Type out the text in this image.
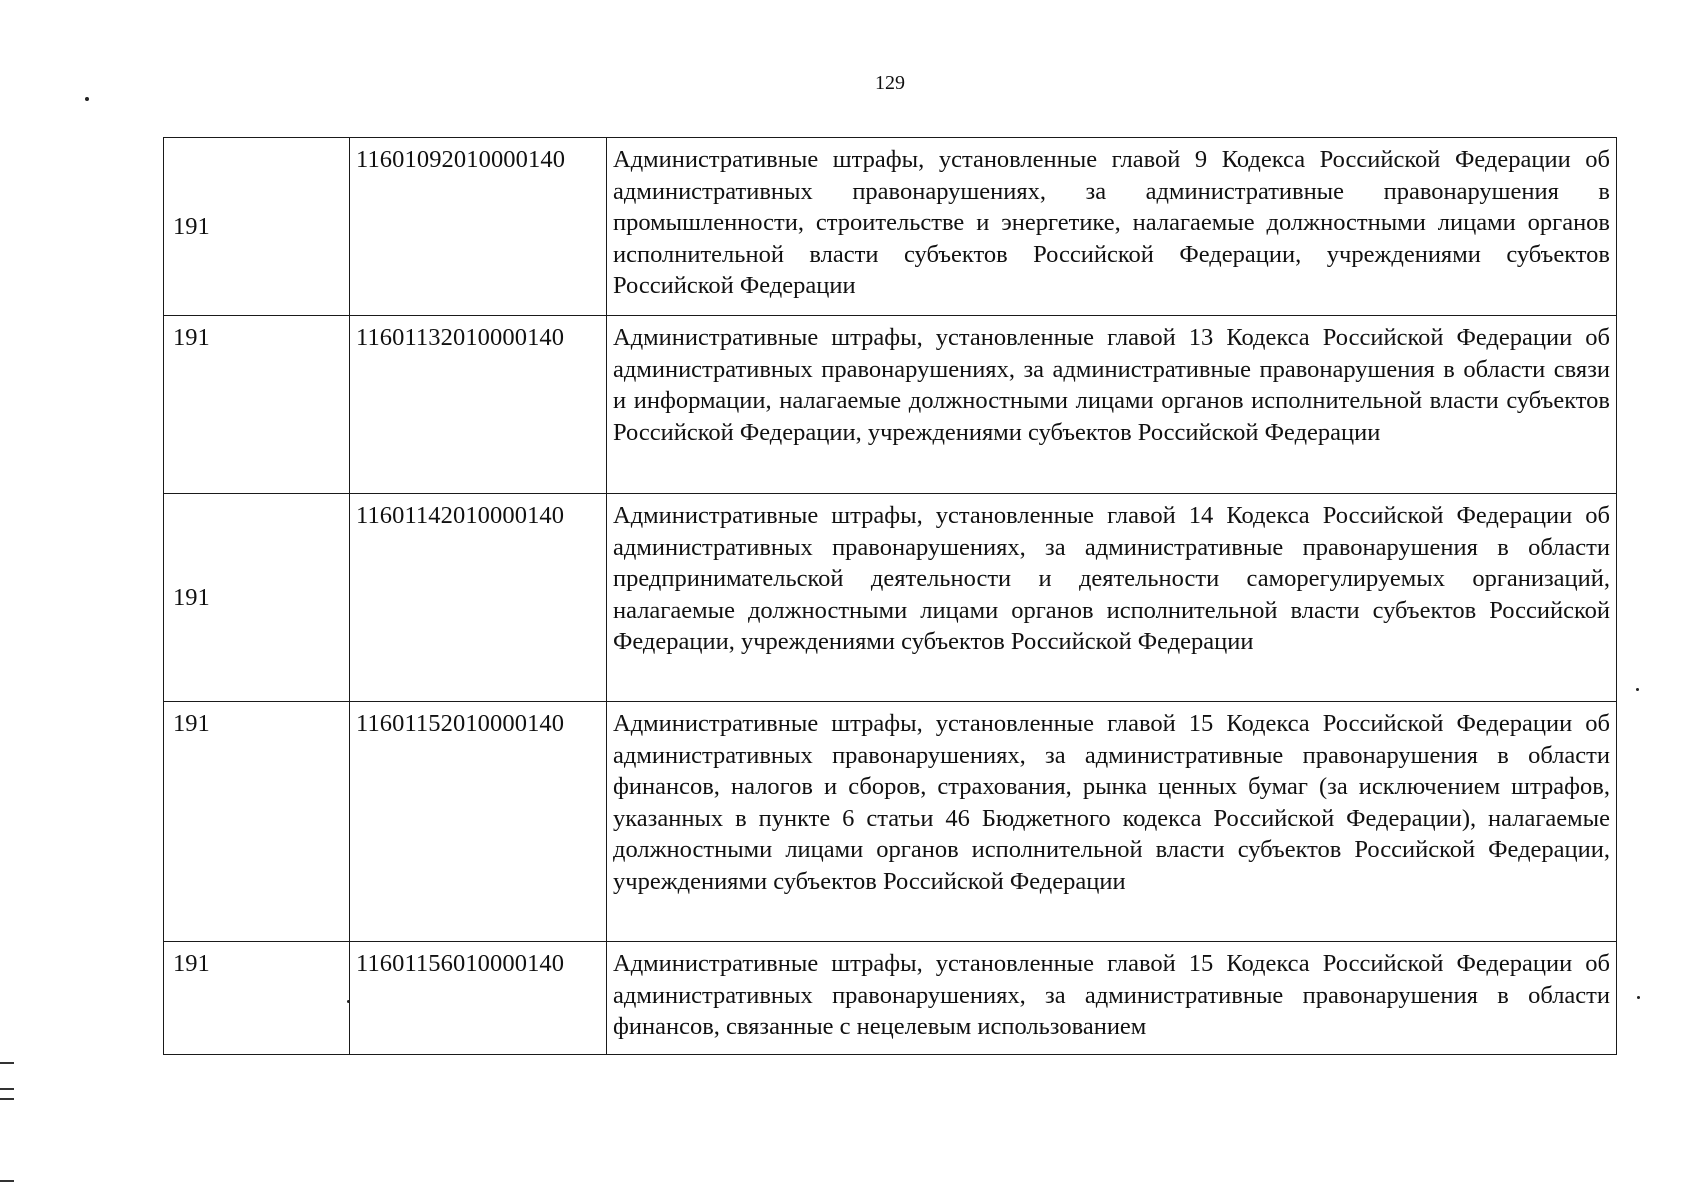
129
191	11601092010000140	Административные штрафы, установленные главой 9 Кодекса Российской Федерации об административных правонарушениях, за административные правонарушения в промышленности, строительстве и энергетике, налагаемые должностными лицами органов исполнительной власти субъектов Российской Федерации, учреждениями субъектов Российской Федерации
191	11601132010000140	Административные штрафы, установленные главой 13 Кодекса Российской Федерации об административных правонарушениях, за административные правонарушения в области связи и информации, налагаемые должностными лицами органов исполнительной власти субъектов Российской Федерации, учреждениями субъектов Российской Федерации
191	11601142010000140	Административные штрафы, установленные главой 14 Кодекса Российской Федерации об административных правонарушениях, за административные правонарушения в области предпринимательской деятельности и деятельности саморегулируемых организаций, налагаемые должностными лицами органов исполнительной власти субъектов Российской Федерации, учреждениями субъектов Российской Федерации
191	11601152010000140	Административные штрафы, установленные главой 15 Кодекса Российской Федерации об административных правонарушениях, за административные правонарушения в области финансов, налогов и сборов, страхования, рынка ценных бумаг (за исключением штрафов, указанных в пункте 6 статьи 46 Бюджетного кодекса Российской Федерации), налагаемые должностными лицами органов исполнительной власти субъектов Российской Федерации, учреждениями субъектов Российской Федерации
191	11601156010000140	Административные штрафы, установленные главой 15 Кодекса Российской Федерации об административных правонарушениях, за административные правонарушения в области финансов, связанные с нецелевым использованием
